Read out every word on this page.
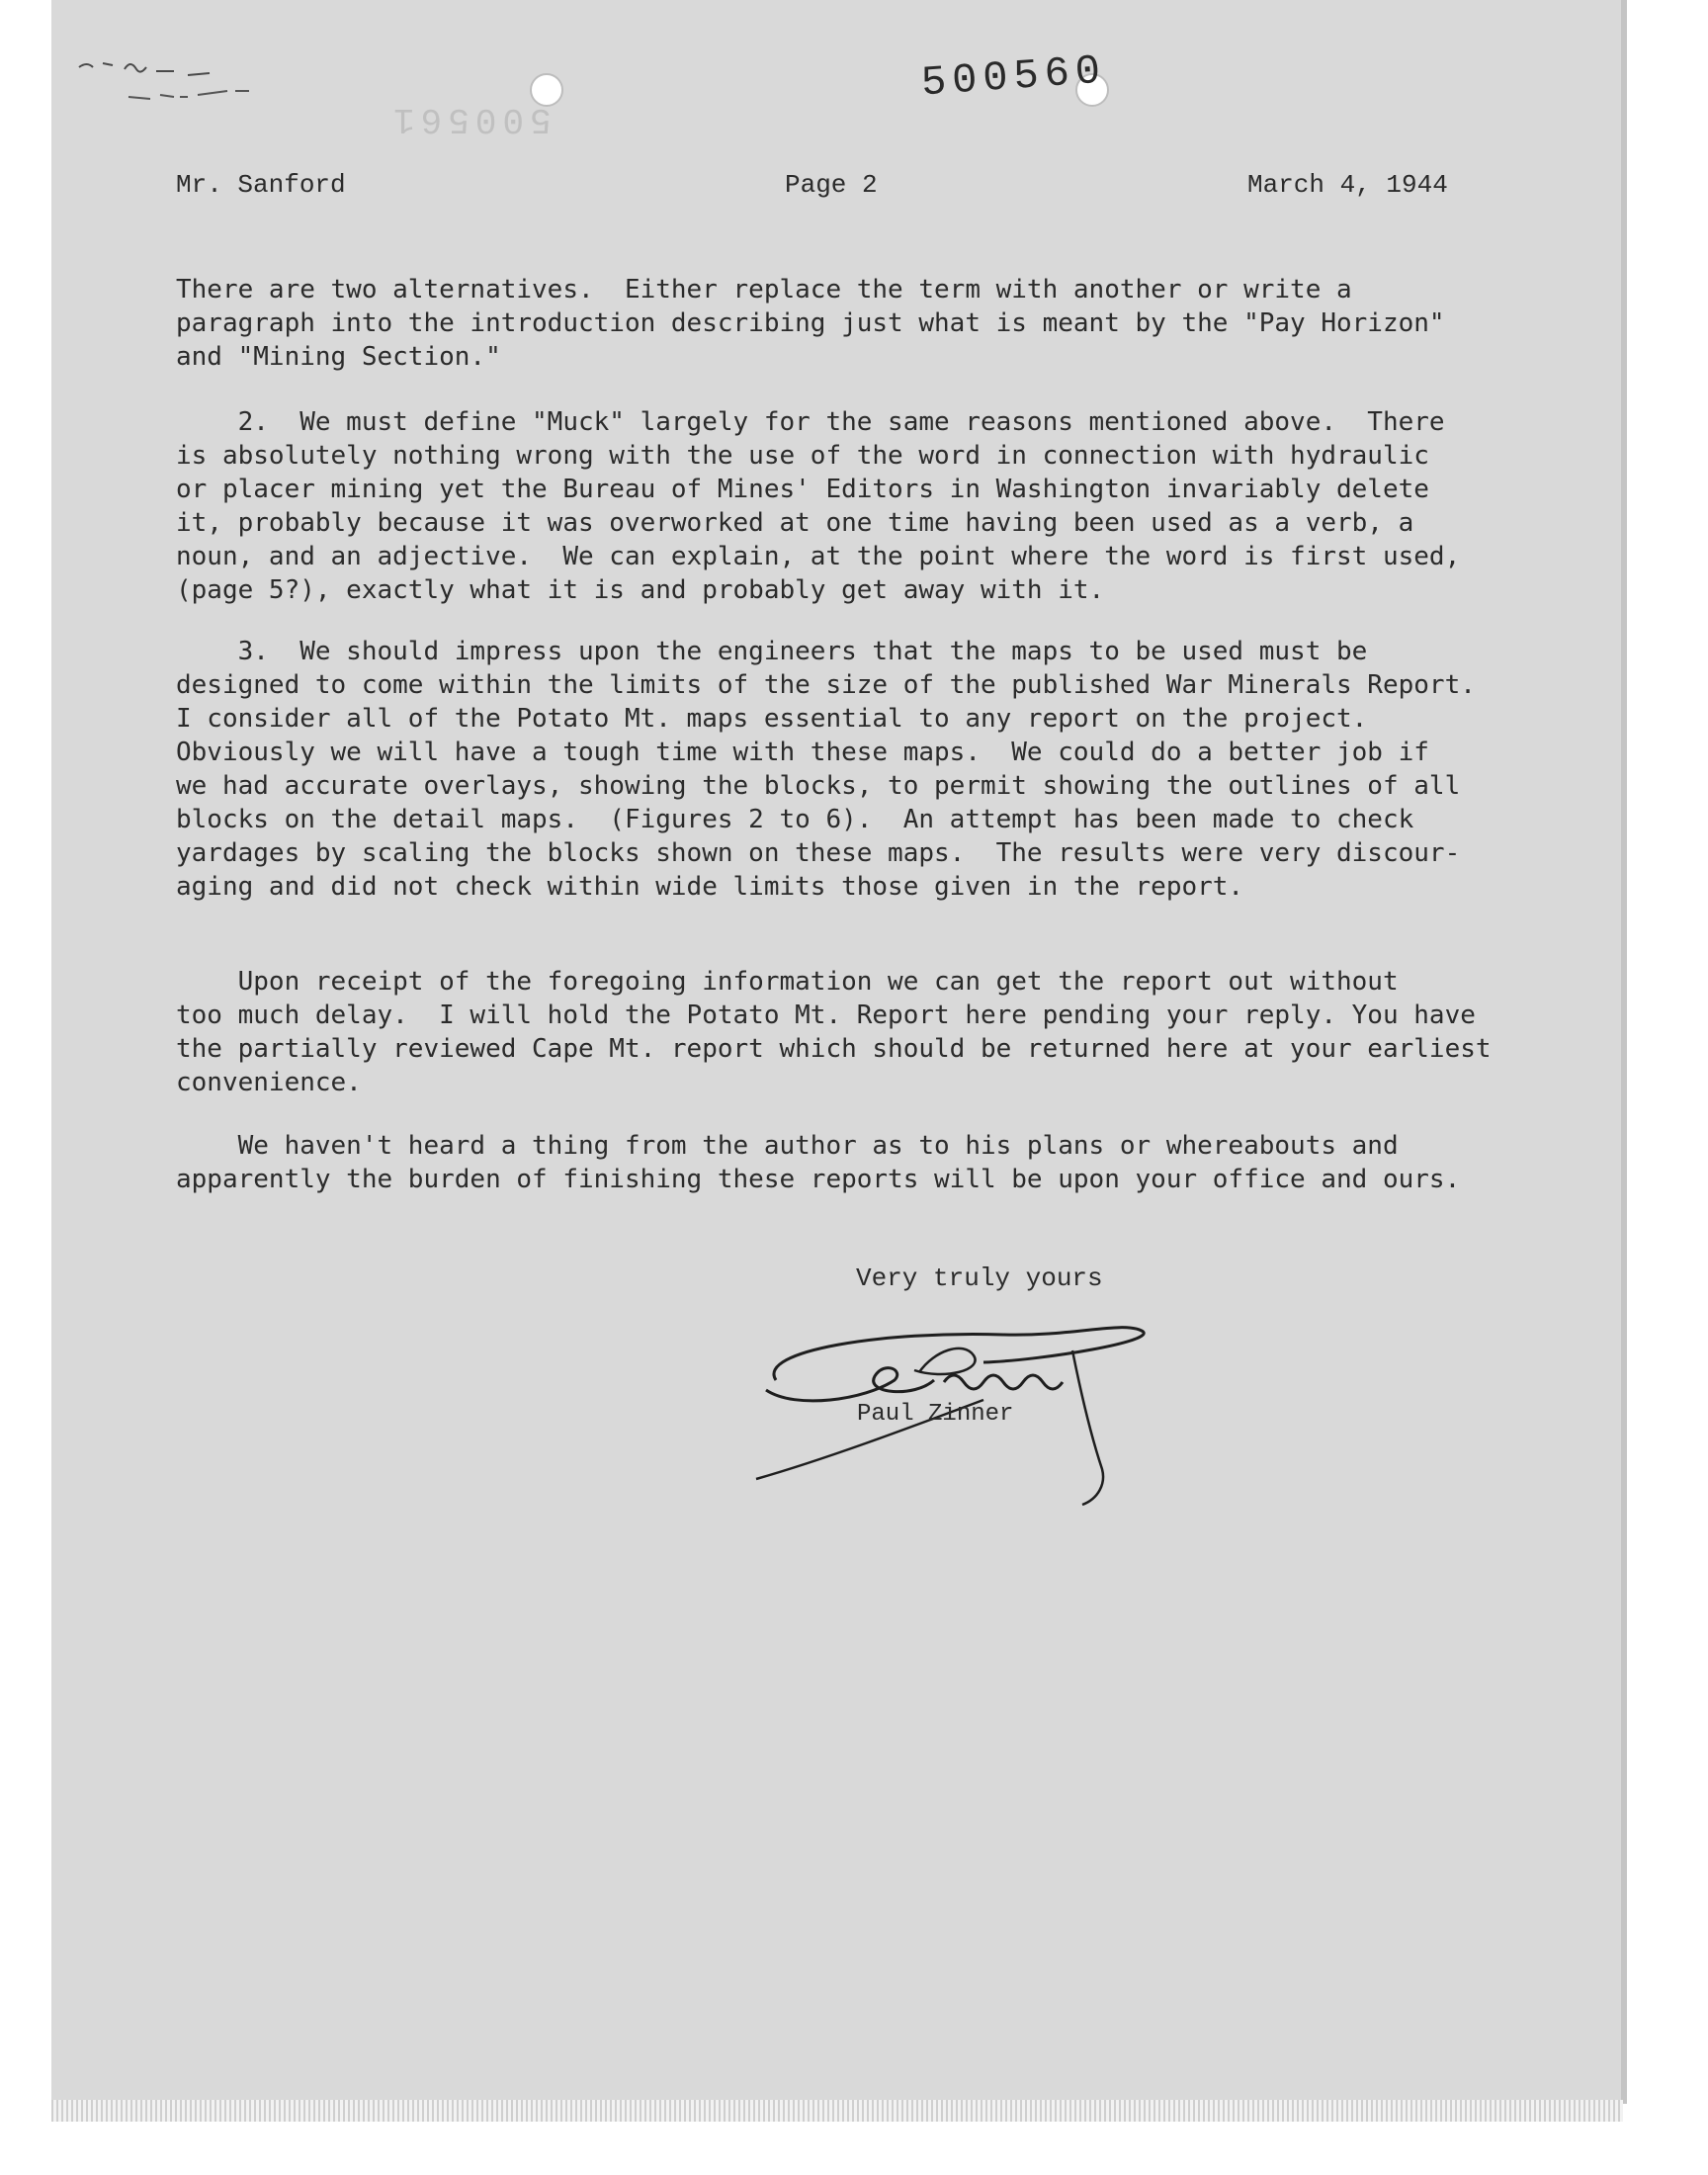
500561
500560
Mr. Sanford	Page 2	March 4, 1944
There are two alternatives.  Either replace the term with another or write a
paragraph into the introduction describing just what is meant by the "Pay Horizon"
and "Mining Section."
2.  We must define "Muck" largely for the same reasons mentioned above.  There
is absolutely nothing wrong with the use of the word in connection with hydraulic
or placer mining yet the Bureau of Mines' Editors in Washington invariably delete
it, probably because it was overworked at one time having been used as a verb, a
noun, and an adjective.  We can explain, at the point where the word is first used,
(page 5?), exactly what it is and probably get away with it.
3.  We should impress upon the engineers that the maps to be used must be
designed to come within the limits of the size of the published War Minerals Report.
I consider all of the Potato Mt. maps essential to any report on the project.
Obviously we will have a tough time with these maps.  We could do a better job if
we had accurate overlays, showing the blocks, to permit showing the outlines of all
blocks on the detail maps.  (Figures 2 to 6).  An attempt has been made to check
yardages by scaling the blocks shown on these maps.  The results were very discour-
aging and did not check within wide limits those given in the report.
Upon receipt of the foregoing information we can get the report out without
too much delay.  I will hold the Potato Mt. Report here pending your reply. You have
the partially reviewed Cape Mt. report which should be returned here at your earliest
convenience.
We haven't heard a thing from the author as to his plans or whereabouts and
apparently the burden of finishing these reports will be upon your office and ours.
Very truly yours
Paul Zinner
